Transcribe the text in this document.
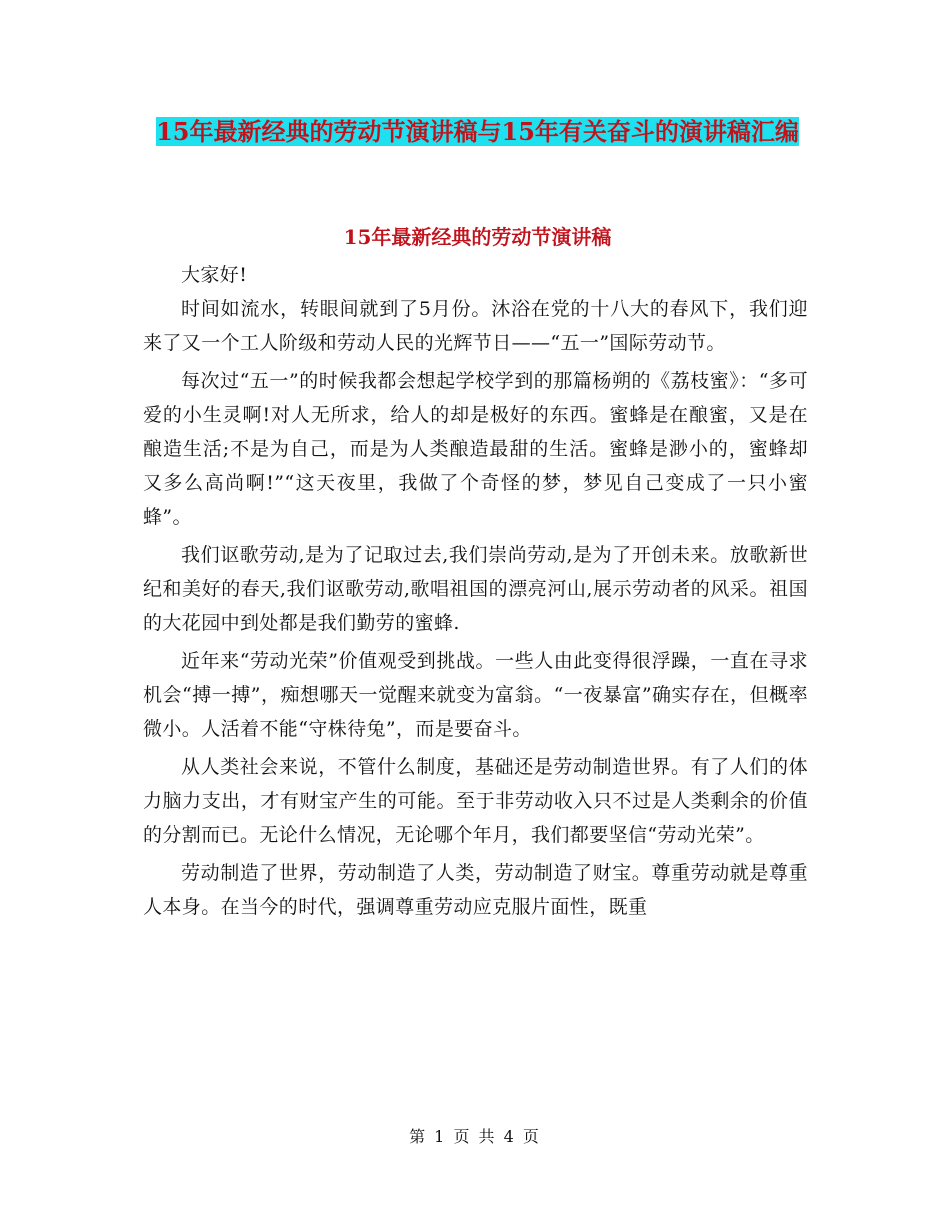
15年最新经典的劳动节演讲稿与15年有关奋斗的演讲稿汇编
15年最新经典的劳动节演讲稿

大家好!

时间如流水，转眼间就到了5月份。沐浴在党的十八大的春风下，我们迎来了又一个工人阶级和劳动人民的光辉节日——“五一”国际劳动节。

每次过“五一”的时候我都会想起学校学到的那篇杨朔的《荔枝蜜》：“多可爱的小生灵啊!对人无所求，给人的却是极好的东西。蜜蜂是在酿蜜，又是在酿造生活;不是为自己，而是为人类酿造最甜的生活。蜜蜂是渺小的，蜜蜂却又多么高尚啊!”“这天夜里，我做了个奇怪的梦，梦见自己变成了一只小蜜蜂”。

我们讴歌劳动,是为了记取过去,我们崇尚劳动,是为了开创未来。放歌新世纪和美好的春天,我们讴歌劳动,歌唱祖国的漂亮河山,展示劳动者的风采。祖国的大花园中到处都是我们勤劳的蜜蜂.

近年来“劳动光荣”价值观受到挑战。一些人由此变得很浮躁，一直在寻求机会“搏一搏”，痴想哪天一觉醒来就变为富翁。“一夜暴富”确实存在，但概率微小。人活着不能“守株待兔”，而是要奋斗。

从人类社会来说，不管什么制度，基础还是劳动制造世界。有了人们的体力脑力支出，才有财宝产生的可能。至于非劳动收入只不过是人类剩余的价值的分割而已。无论什么情况，无论哪个年月，我们都要坚信“劳动光荣”。

劳动制造了世界，劳动制造了人类，劳动制造了财宝。尊重劳动就是尊重人本身。在当今的时代，强调尊重劳动应克服片面性，既重

第 1 页 共 4 页
